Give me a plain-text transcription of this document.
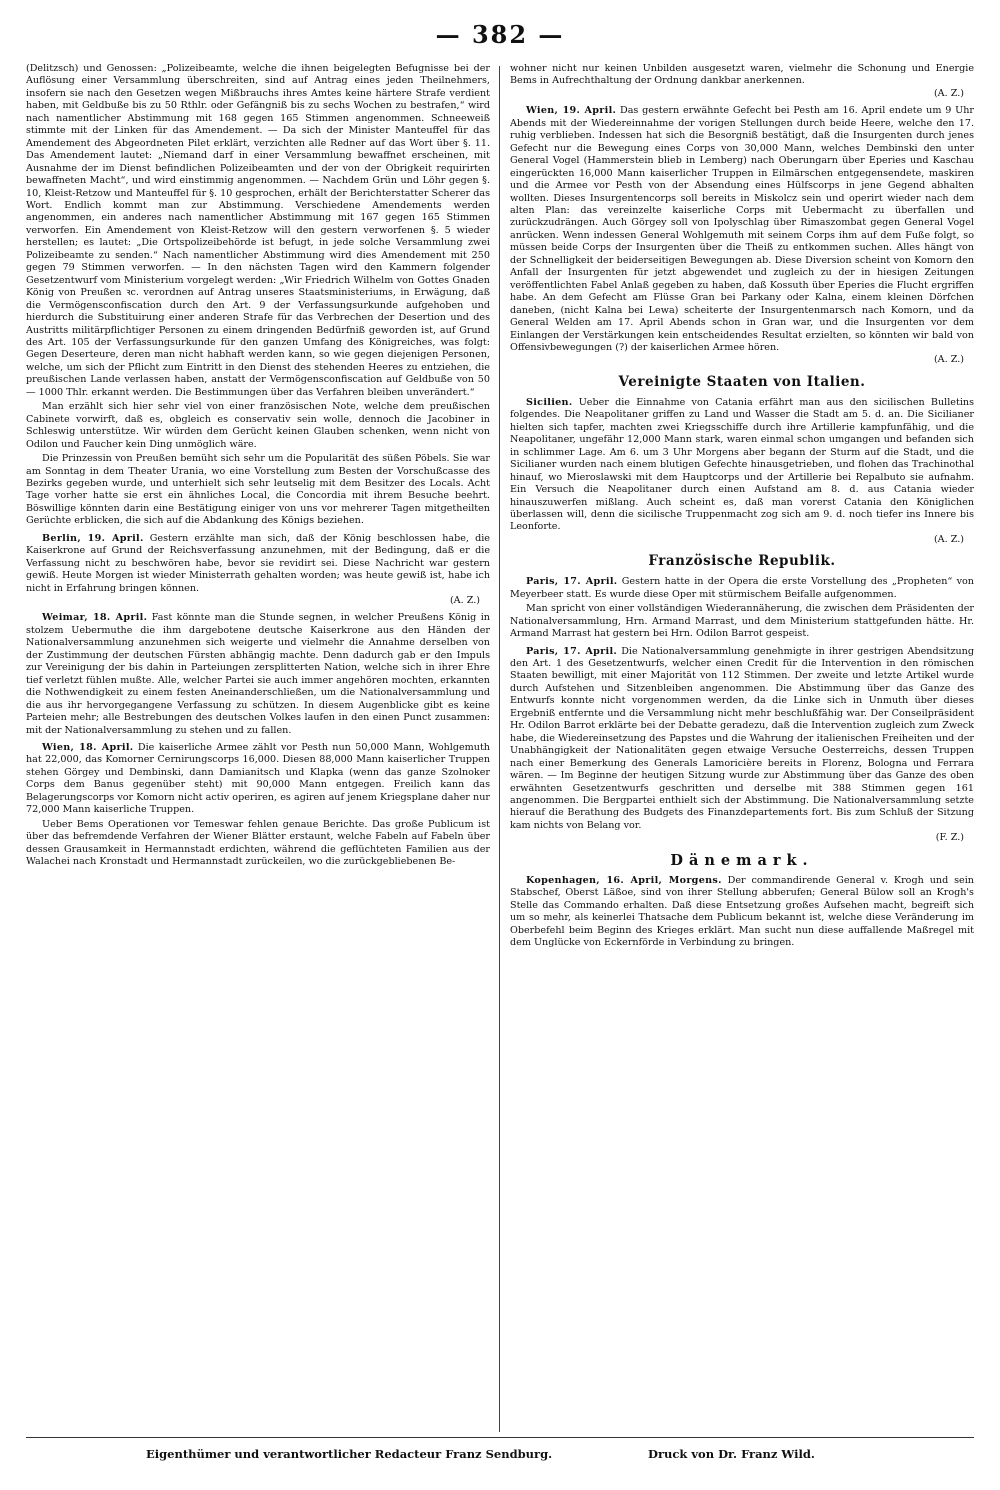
— 382 —

(Delitzsch) und Genossen: „Polizeibeamte, welche die ihnen beigelegten Befugnisse bei der Auflösung einer Versammlung überschreiten, sind auf Antrag eines jeden Theilnehmers, insofern sie nach den Gesetzen wegen Mißbrauchs ihres Amtes keine härtere Strafe verdient haben, mit Geldbuße bis zu 50 Rthlr. oder Gefängniß bis zu sechs Wochen zu bestrafen,“ wird nach namentlicher Abstimmung mit 168 gegen 165 Stimmen angenommen. Schneeweiß stimmte mit der Linken für das Amendement. — Da sich der Minister Manteuffel für das Amendement des Abgeordneten Pilet erklärt, verzichten alle Redner auf das Wort über §. 11. Das Amendement lautet: „Niemand darf in einer Versammlung bewaffnet erscheinen, mit Ausnahme der im Dienst befindlichen Polizeibeamten und der von der Obrigkeit requirirten bewaffneten Macht“, und wird einstimmig angenommen. — Nachdem Grün und Löhr gegen §. 10, Kleist-Retzow und Manteuffel für §. 10 gesprochen, erhält der Berichterstatter Scherer das Wort. Endlich kommt man zur Abstimmung. Verschiedene Amendements werden angenommen, ein anderes nach namentlicher Abstimmung mit 167 gegen 165 Stimmen verworfen. Ein Amendement von Kleist-Retzow will den gestern verworfenen §. 5 wieder herstellen; es lautet: „Die Ortspolizeibehörde ist befugt, in jede solche Versammlung zwei Polizeibeamte zu senden.“ Nach namentlicher Abstimmung wird dies Amendement mit 250 gegen 79 Stimmen verworfen. — In den nächsten Tagen wird den Kammern folgender Gesetzentwurf vom Ministerium vorgelegt werden: „Wir Friedrich Wilhelm von Gottes Gnaden König von Preußen ꝛc. verordnen auf Antrag unseres Staatsministeriums, in Erwägung, daß die Vermögensconfiscation durch den Art. 9 der Verfassungsurkunde aufgehoben und hierdurch die Substituirung einer anderen Strafe für das Verbrechen der Desertion und des Austritts militärpflichtiger Personen zu einem dringenden Bedürfniß geworden ist, auf Grund des Art. 105 der Verfassungsurkunde für den ganzen Umfang des Königreiches, was folgt: Gegen Deserteure, deren man nicht habhaft werden kann, so wie gegen diejenigen Personen, welche, um sich der Pflicht zum Eintritt in den Dienst des stehenden Heeres zu entziehen, die preußischen Lande verlassen haben, anstatt der Vermögensconfiscation auf Geldbuße von 50 — 1000 Thlr. erkannt werden. Die Bestimmungen über das Verfahren bleiben unverändert.“

Man erzählt sich hier sehr viel von einer französischen Note, welche dem preußischen Cabinete vorwirft, daß es, obgleich es conservativ sein wolle, dennoch die Jacobiner in Schleswig unterstütze. Wir würden dem Gerücht keinen Glauben schenken, wenn nicht von Odilon und Faucher kein Ding unmöglich wäre.

Die Prinzessin von Preußen bemüht sich sehr um die Popularität des süßen Pöbels. Sie war am Sonntag in dem Theater Urania, wo eine Vorstellung zum Besten der Vorschußcasse des Bezirks gegeben wurde, und unterhielt sich sehr leutselig mit dem Besitzer des Locals. Acht Tage vorher hatte sie erst ein ähnliches Local, die Concordia mit ihrem Besuche beehrt. Böswillige könnten darin eine Bestätigung einiger von uns vor mehrerer Tagen mitgetheilten Gerüchte erblicken, die sich auf die Abdankung des Königs beziehen.

Berlin, 19. April. Gestern erzählte man sich, daß der König beschlossen habe, die Kaiserkrone auf Grund der Reichsverfassung anzunehmen, mit der Bedingung, daß er die Verfassung nicht zu beschwören habe, bevor sie revidirt sei. Diese Nachricht war gestern gewiß. Heute Morgen ist wieder Ministerrath gehalten worden; was heute gewiß ist, habe ich nicht in Erfahrung bringen können.
(A. Z.)

Weimar, 18. April. Fast könnte man die Stunde segnen, in welcher Preußens König in stolzem Uebermuthe die ihm dargebotene deutsche Kaiserkrone aus den Händen der Nationalversammlung anzunehmen sich weigerte und vielmehr die Annahme derselben von der Zustimmung der deutschen Fürsten abhängig machte. Denn dadurch gab er den Impuls zur Vereinigung der bis dahin in Parteiungen zersplitterten Nation, welche sich in ihrer Ehre tief verletzt fühlen mußte. Alle, welcher Partei sie auch immer angehören mochten, erkannten die Nothwendigkeit zu einem festen Aneinanderschließen, um die Nationalversammlung und die aus ihr hervorgegangene Verfassung zu schützen. In diesem Augenblicke gibt es keine Parteien mehr; alle Bestrebungen des deutschen Volkes laufen in den einen Punct zusammen: mit der Nationalversammlung zu stehen und zu fallen.

Wien, 18. April. Die kaiserliche Armee zählt vor Pesth nun 50,000 Mann, Wohlgemuth hat 22,000, das Komorner Cernirungscorps 16,000. Diesen 88,000 Mann kaiserlicher Truppen stehen Görgey und Dembinski, dann Damianitsch und Klapka (wenn das ganze Szolnoker Corps dem Banus gegenüber steht) mit 90,000 Mann entgegen. Freilich kann das Belagerungscorps vor Komorn nicht activ operiren, es agiren auf jenem Kriegsplane daher nur 72,000 Mann kaiserliche Truppen.

Ueber Bems Operationen vor Temeswar fehlen genaue Berichte. Das große Publicum ist über das befremdende Verfahren der Wiener Blätter erstaunt, welche Fabeln auf Fabeln über dessen Grausamkeit in Hermannstadt erdichten, während die geflüchteten Familien aus der Walachei nach Kronstadt und Hermannstadt zurückeilen, wo die zurückgebliebenen Be-

wohner nicht nur keinen Unbilden ausgesetzt waren, vielmehr die Schonung und Energie Bems in Aufrechthaltung der Ordnung dankbar anerkennen.
(A. Z.)

Wien, 19. April. Das gestern erwähnte Gefecht bei Pesth am 16. April endete um 9 Uhr Abends mit der Wiedereinnahme der vorigen Stellungen durch beide Heere, welche den 17. ruhig verblieben. Indessen hat sich die Besorgniß bestätigt, daß die Insurgenten durch jenes Gefecht nur die Bewegung eines Corps von 30,000 Mann, welches Dembinski den unter General Vogel (Hammerstein blieb in Lemberg) nach Oberungarn über Eperies und Kaschau eingerückten 16,000 Mann kaiserlicher Truppen in Eilmärschen entgegensendete, maskiren und die Armee vor Pesth von der Absendung eines Hülfscorps in jene Gegend abhalten wollten. Dieses Insurgentencorps soll bereits in Miskolcz sein und operirt wieder nach dem alten Plan: das vereinzelte kaiserliche Corps mit Uebermacht zu überfallen und zurückzudrängen. Auch Görgey soll von Ipolyschlag über Rimaszombat gegen General Vogel anrücken. Wenn indessen General Wohlgemuth mit seinem Corps ihm auf dem Fuße folgt, so müssen beide Corps der Insurgenten über die Theiß zu entkommen suchen. Alles hängt von der Schnelligkeit der beiderseitigen Bewegungen ab. Diese Diversion scheint von Komorn den Anfall der Insurgenten für jetzt abgewendet und zugleich zu der in hiesigen Zeitungen veröffentlichten Fabel Anlaß gegeben zu haben, daß Kossuth über Eperies die Flucht ergriffen habe. An dem Gefecht am Flüsse Gran bei Parkany oder Kalna, einem kleinen Dörfchen daneben, (nicht Kalna bei Lewa) scheiterte der Insurgentenmarsch nach Komorn, und da General Welden am 17. April Abends schon in Gran war, und die Insurgenten vor dem Einlangen der Verstärkungen kein entscheidendes Resultat erzielten, so könnten wir bald von Offensivbewegungen (?) der kaiserlichen Armee hören.
(A. Z.)

Vereinigte Staaten von Italien.

Sicilien. Ueber die Einnahme von Catania erfährt man aus den sicilischen Bulletins folgendes. Die Neapolitaner griffen zu Land und Wasser die Stadt am 5. d. an. Die Sicilianer hielten sich tapfer, machten zwei Kriegsschiffe durch ihre Artillerie kampfunfähig, und die Neapolitaner, ungefähr 12,000 Mann stark, waren einmal schon umgangen und befanden sich in schlimmer Lage. Am 6. um 3 Uhr Morgens aber begann der Sturm auf die Stadt, und die Sicilianer wurden nach einem blutigen Gefechte hinausgetrieben, und flohen das Trachinothal hinauf, wo Mieroslawski mit dem Hauptcorps und der Artillerie bei Repalbuto sie aufnahm. Ein Versuch die Neapolitaner durch einen Aufstand am 8. d. aus Catania wieder hinauszuwerfen mißlang. Auch scheint es, daß man vorerst Catania den Königlichen überlassen will, denn die sicilische Truppenmacht zog sich am 9. d. noch tiefer ins Innere bis Leonforte.
(A. Z.)

Französische Republik.

Paris, 17. April. Gestern hatte in der Opera die erste Vorstellung des „Propheten“ von Meyerbeer statt. Es wurde diese Oper mit stürmischem Beifalle aufgenommen.

Man spricht von einer vollständigen Wiederannäherung, die zwischen dem Präsidenten der Nationalversammlung, Hrn. Armand Marrast, und dem Ministerium stattgefunden hätte. Hr. Armand Marrast hat gestern bei Hrn. Odilon Barrot gespeist.

Paris, 17. April. Die Nationalversammlung genehmigte in ihrer gestrigen Abendsitzung den Art. 1 des Gesetzentwurfs, welcher einen Credit für die Intervention in den römischen Staaten bewilligt, mit einer Majorität von 112 Stimmen. Der zweite und letzte Artikel wurde durch Aufstehen und Sitzenbleiben angenommen. Die Abstimmung über das Ganze des Entwurfs konnte nicht vorgenommen werden, da die Linke sich in Unmuth über dieses Ergebniß entfernte und die Versammlung nicht mehr beschlußfähig war. Der Conseilpräsident Hr. Odilon Barrot erklärte bei der Debatte geradezu, daß die Intervention zugleich zum Zweck habe, die Wiedereinsetzung des Papstes und die Wahrung der italienischen Freiheiten und der Unabhängigkeit der Nationalitäten gegen etwaige Versuche Oesterreichs, dessen Truppen nach einer Bemerkung des Generals Lamoricière bereits in Florenz, Bologna und Ferrara wären. — Im Beginne der heutigen Sitzung wurde zur Abstimmung über das Ganze des oben erwähnten Gesetzentwurfs geschritten und derselbe mit 388 Stimmen gegen 161 angenommen. Die Bergpartei enthielt sich der Abstimmung. Die Nationalversammlung setzte hierauf die Berathung des Budgets des Finanzdepartements fort. Bis zum Schluß der Sitzung kam nichts von Belang vor.
(F. Z.)

Dänemark.

Kopenhagen, 16. April, Morgens. Der commandirende General v. Krogh und sein Stabschef, Oberst Läßoe, sind von ihrer Stellung abberufen; General Bülow soll an Krogh's Stelle das Commando erhalten. Daß diese Entsetzung großes Aufsehen macht, begreift sich um so mehr, als keinerlei Thatsache dem Publicum bekannt ist, welche diese Veränderung im Oberbefehl beim Beginn des Krieges erklärt. Man sucht nun diese auffallende Maßregel mit dem Unglücke von Eckernförde in Verbindung zu bringen.

Eigenthümer und verantwortlicher Redacteur Franz Sendburg.	Druck von Dr. Franz Wild.
